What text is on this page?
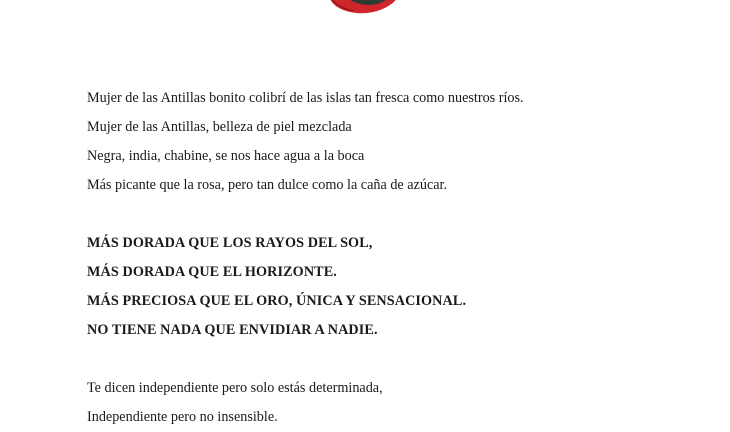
Mujer de las Antillas bonito colibrí de las islas tan fresca como nuestros ríos.

Mujer de las Antillas, belleza de piel mezclada

Negra, india, chabine, se nos hace agua a la boca

Más picante que la rosa, pero tan dulce como la caña de azúcar.

MÁS DORADA QUE LOS RAYOS DEL SOL,

MÁS DORADA QUE EL HORIZONTE.

MÁS PRECIOSA QUE EL ORO, ÚNICA Y SENSACIONAL.

NO TIENE NADA QUE ENVIDIAR A NADIE.

Te dicen independiente pero solo estás determinada,

Independiente pero no insensible.
